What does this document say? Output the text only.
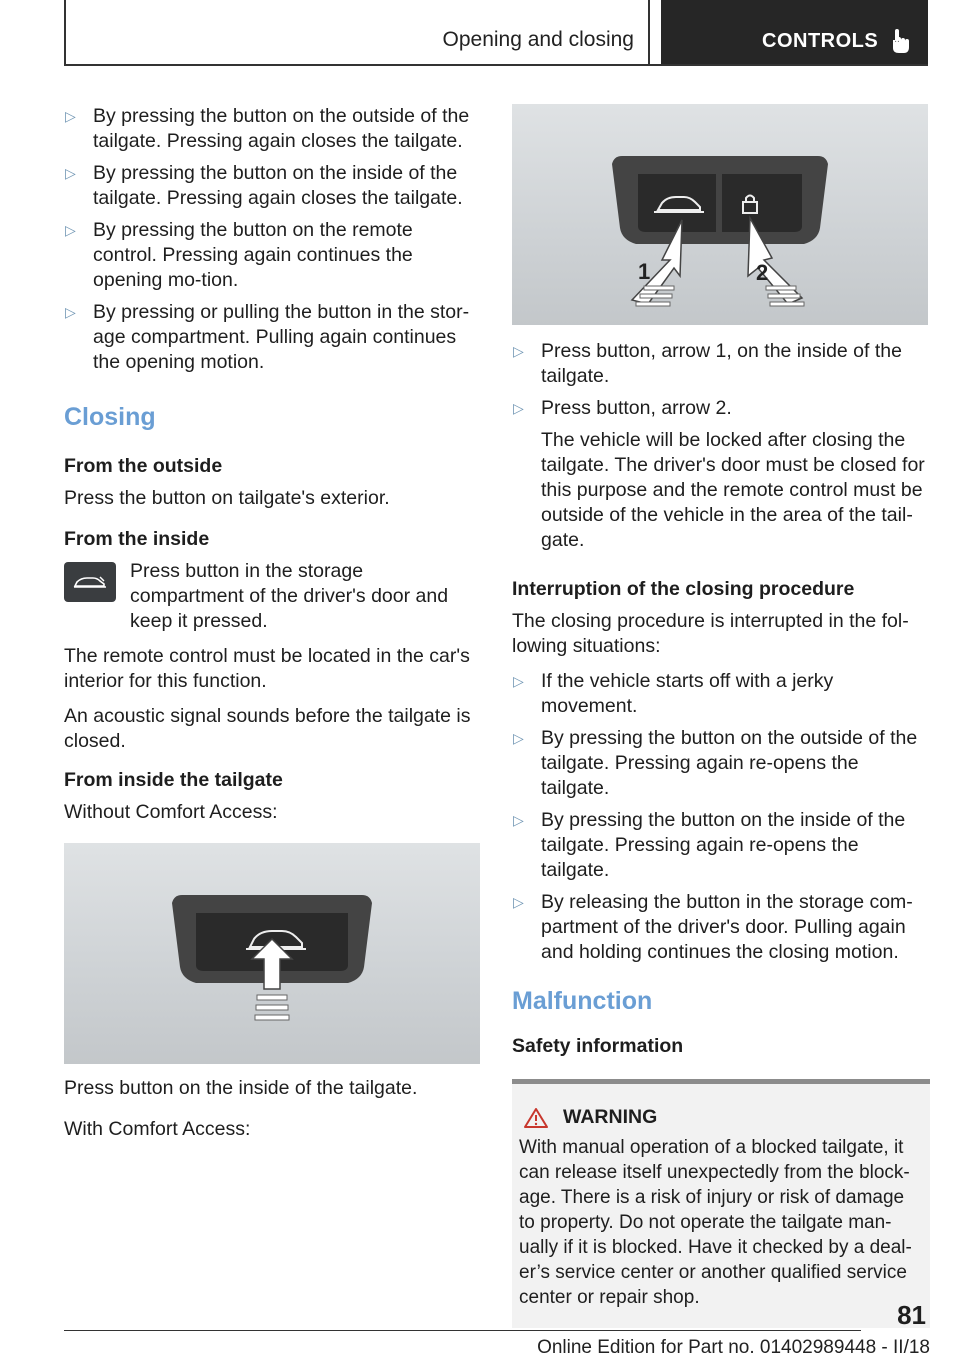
Opening and closing	CONTROLS
▷ By pressing the button on the outside of the tailgate. Pressing again closes the tailgate.
▷ By pressing the button on the inside of the tailgate. Pressing again closes the tailgate.
▷ By pressing the button on the remote control. Pressing again continues the opening mo-tion.
▷ By pressing or pulling the button in the stor-age compartment. Pulling again continues the opening motion.
Closing
From the outside
Press the button on tailgate's exterior.
From the inside
Press button in the storage compartment of the driver's door and keep it pressed.
The remote control must be located in the car's interior for this function.
An acoustic signal sounds before the tailgate is closed.
From inside the tailgate
Without Comfort Access:
Press button on the inside of the tailgate.
With Comfort Access:
1	2
▷ Press button, arrow 1, on the inside of the tailgate.
▷ Press button, arrow 2.
The vehicle will be locked after closing the tailgate. The driver's door must be closed for this purpose and the remote control must be outside of the vehicle in the area of the tail-gate.
Interruption of the closing procedure
The closing procedure is interrupted in the fol-lowing situations:
▷ If the vehicle starts off with a jerky movement.
▷ By pressing the button on the outside of the tailgate. Pressing again re-opens the tailgate.
▷ By pressing the button on the inside of the tailgate. Pressing again re-opens the tailgate.
▷ By releasing the button in the storage com-partment of the driver's door. Pulling again and holding continues the closing motion.
Malfunction
Safety information
WARNING
With manual operation of a blocked tailgate, it can release itself unexpectedly from the block-age. There is a risk of injury or risk of damage to property. Do not operate the tailgate man-ually if it is blocked. Have it checked by a deal-er’s service center or another qualified service center or repair shop.
81
Online Edition for Part no. 01402989448 - II/18
